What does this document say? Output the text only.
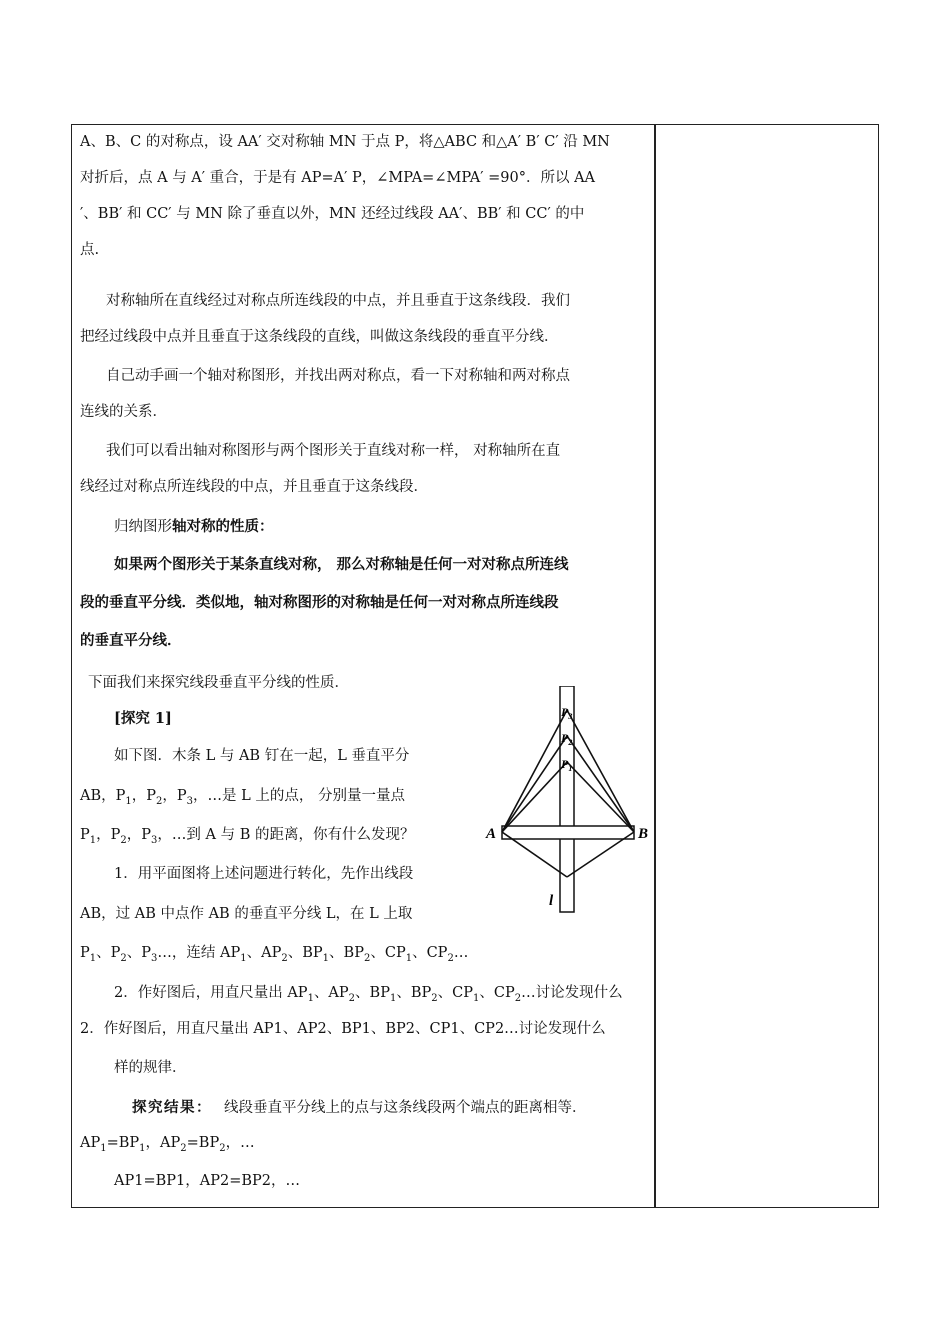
A、B、C 的对称点，设 AA′ 交对称轴 MN 于点 P，将△ABC 和△A′ B′ C′ 沿 MN

对折后，点 A 与 A′ 重合，于是有 AP=A′ P，∠MPA=∠MPA′ =90°．所以 AA

′、BB′ 和 CC′ 与 MN 除了垂直以外，MN 还经过线段 AA′、BB′ 和 CC′ 的中

点.

对称轴所在直线经过对称点所连线段的中点，并且垂直于这条线段．我们

把经过线段中点并且垂直于这条线段的直线，叫做这条线段的垂直平分线．

自己动手画一个轴对称图形，并找出两对称点，看一下对称轴和两对称点

连线的关系．

我们可以看出轴对称图形与两个图形关于直线对称一样， 对称轴所在直

线经过对称点所连线段的中点，并且垂直于这条线段．

归纳图形轴对称的性质：

如果两个图形关于某条直线对称， 那么对称轴是任何一对对称点所连线

段的垂直平分线．类似地，轴对称图形的对称轴是任何一对对称点所连线段

的垂直平分线．

下面我们来探究线段垂直平分线的性质．

[探究 1]

如下图．木条 L 与 AB 钉在一起，L 垂直平分

AB，$P_1$，$P_2$，$P_3$，…是 L 上的点， 分别量一量点

$P_1$，$P_2$，$P_3$，…到 A 与 B 的距离，你有什么发现？

1．用平面图将上述问题进行转化，先作出线段

AB，过 AB 中点作 AB 的垂直平分线 L，在 L 上取

$P_1$、$P_2$、$P_3\dots$，连结 $AP_1$、$AP_2$、$BP_1$、$BP_2$、$CP_1$、$CP_2\dots$

2．作好图后，用直尺量出 $AP_1$、$AP_2$、$BP_1$、$BP_2$、$CP_1$、$CP_2\dots$讨论发现什么

2．作好图后，用直尺量出 AP1、AP2、BP1、BP2、CP1、CP2…讨论发现什么

样的规律．

探究结果： 线段垂直平分线上的点与这条线段两个端点的距离相等．

$AP_1=BP_1$，$AP_2=BP_2$，…

AP1=BP1，AP2=BP2，…

$P_3$
$P_2$
$P_1$
A	B
l
